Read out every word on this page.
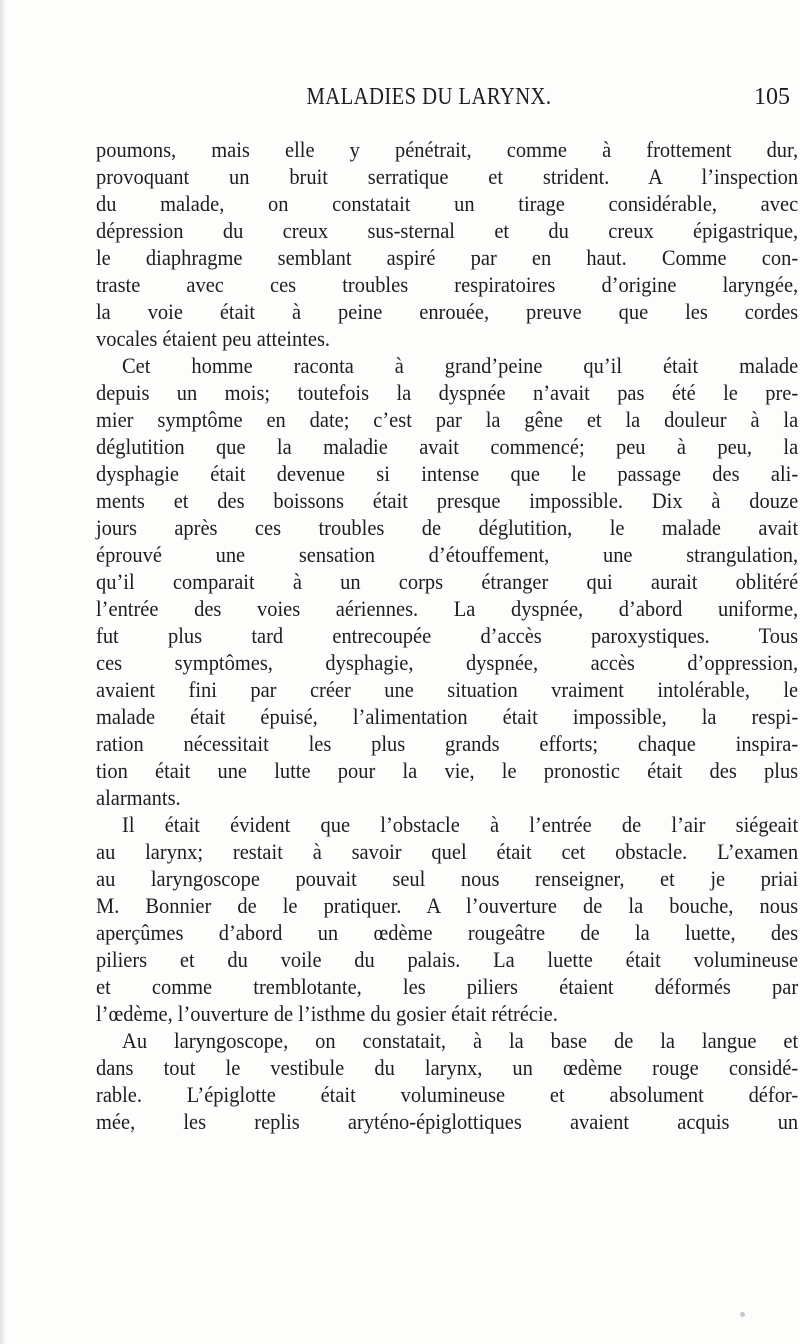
MALADIES DU LARYNX.	105
poumons, mais elle y pénétrait, comme à frottement dur,
provoquant un bruit serratique et strident. A l’inspection
du malade, on constatait un tirage considérable, avec
dépression du creux sus-sternal et du creux épigastrique,
le diaphragme semblant aspiré par en haut. Comme con-
traste avec ces troubles respiratoires d’origine laryngée,
la voie était à peine enrouée, preuve que les cordes
vocales étaient peu atteintes.
Cet homme raconta à grand’peine qu’il était malade
depuis un mois; toutefois la dyspnée n’avait pas été le pre-
mier symptôme en date; c’est par la gêne et la douleur à la
déglutition que la maladie avait commencé; peu à peu, la
dysphagie était devenue si intense que le passage des ali-
ments et des boissons était presque impossible. Dix à douze
jours après ces troubles de déglutition, le malade avait
éprouvé une sensation d’étouffement, une strangulation,
qu’il comparait à un corps étranger qui aurait oblitéré
l’entrée des voies aériennes. La dyspnée, d’abord uniforme,
fut plus tard entrecoupée d’accès paroxystiques. Tous
ces symptômes, dysphagie, dyspnée, accès d’oppression,
avaient fini par créer une situation vraiment intolérable, le
malade était épuisé, l’alimentation était impossible, la respi-
ration nécessitait les plus grands efforts; chaque inspira-
tion était une lutte pour la vie, le pronostic était des plus
alarmants.
Il était évident que l’obstacle à l’entrée de l’air siégeait
au larynx; restait à savoir quel était cet obstacle. L’examen
au laryngoscope pouvait seul nous renseigner, et je priai
M. Bonnier de le pratiquer. A l’ouverture de la bouche, nous
aperçûmes d’abord un œdème rougeâtre de la luette, des
piliers et du voile du palais. La luette était volumineuse
et comme tremblotante, les piliers étaient déformés par
l’œdème, l’ouverture de l’isthme du gosier était rétrécie.
Au laryngoscope, on constatait, à la base de la langue et
dans tout le vestibule du larynx, un œdème rouge considé-
rable. L’épiglotte était volumineuse et absolument défor-
mée, les replis aryténo-épiglottiques avaient acquis un
